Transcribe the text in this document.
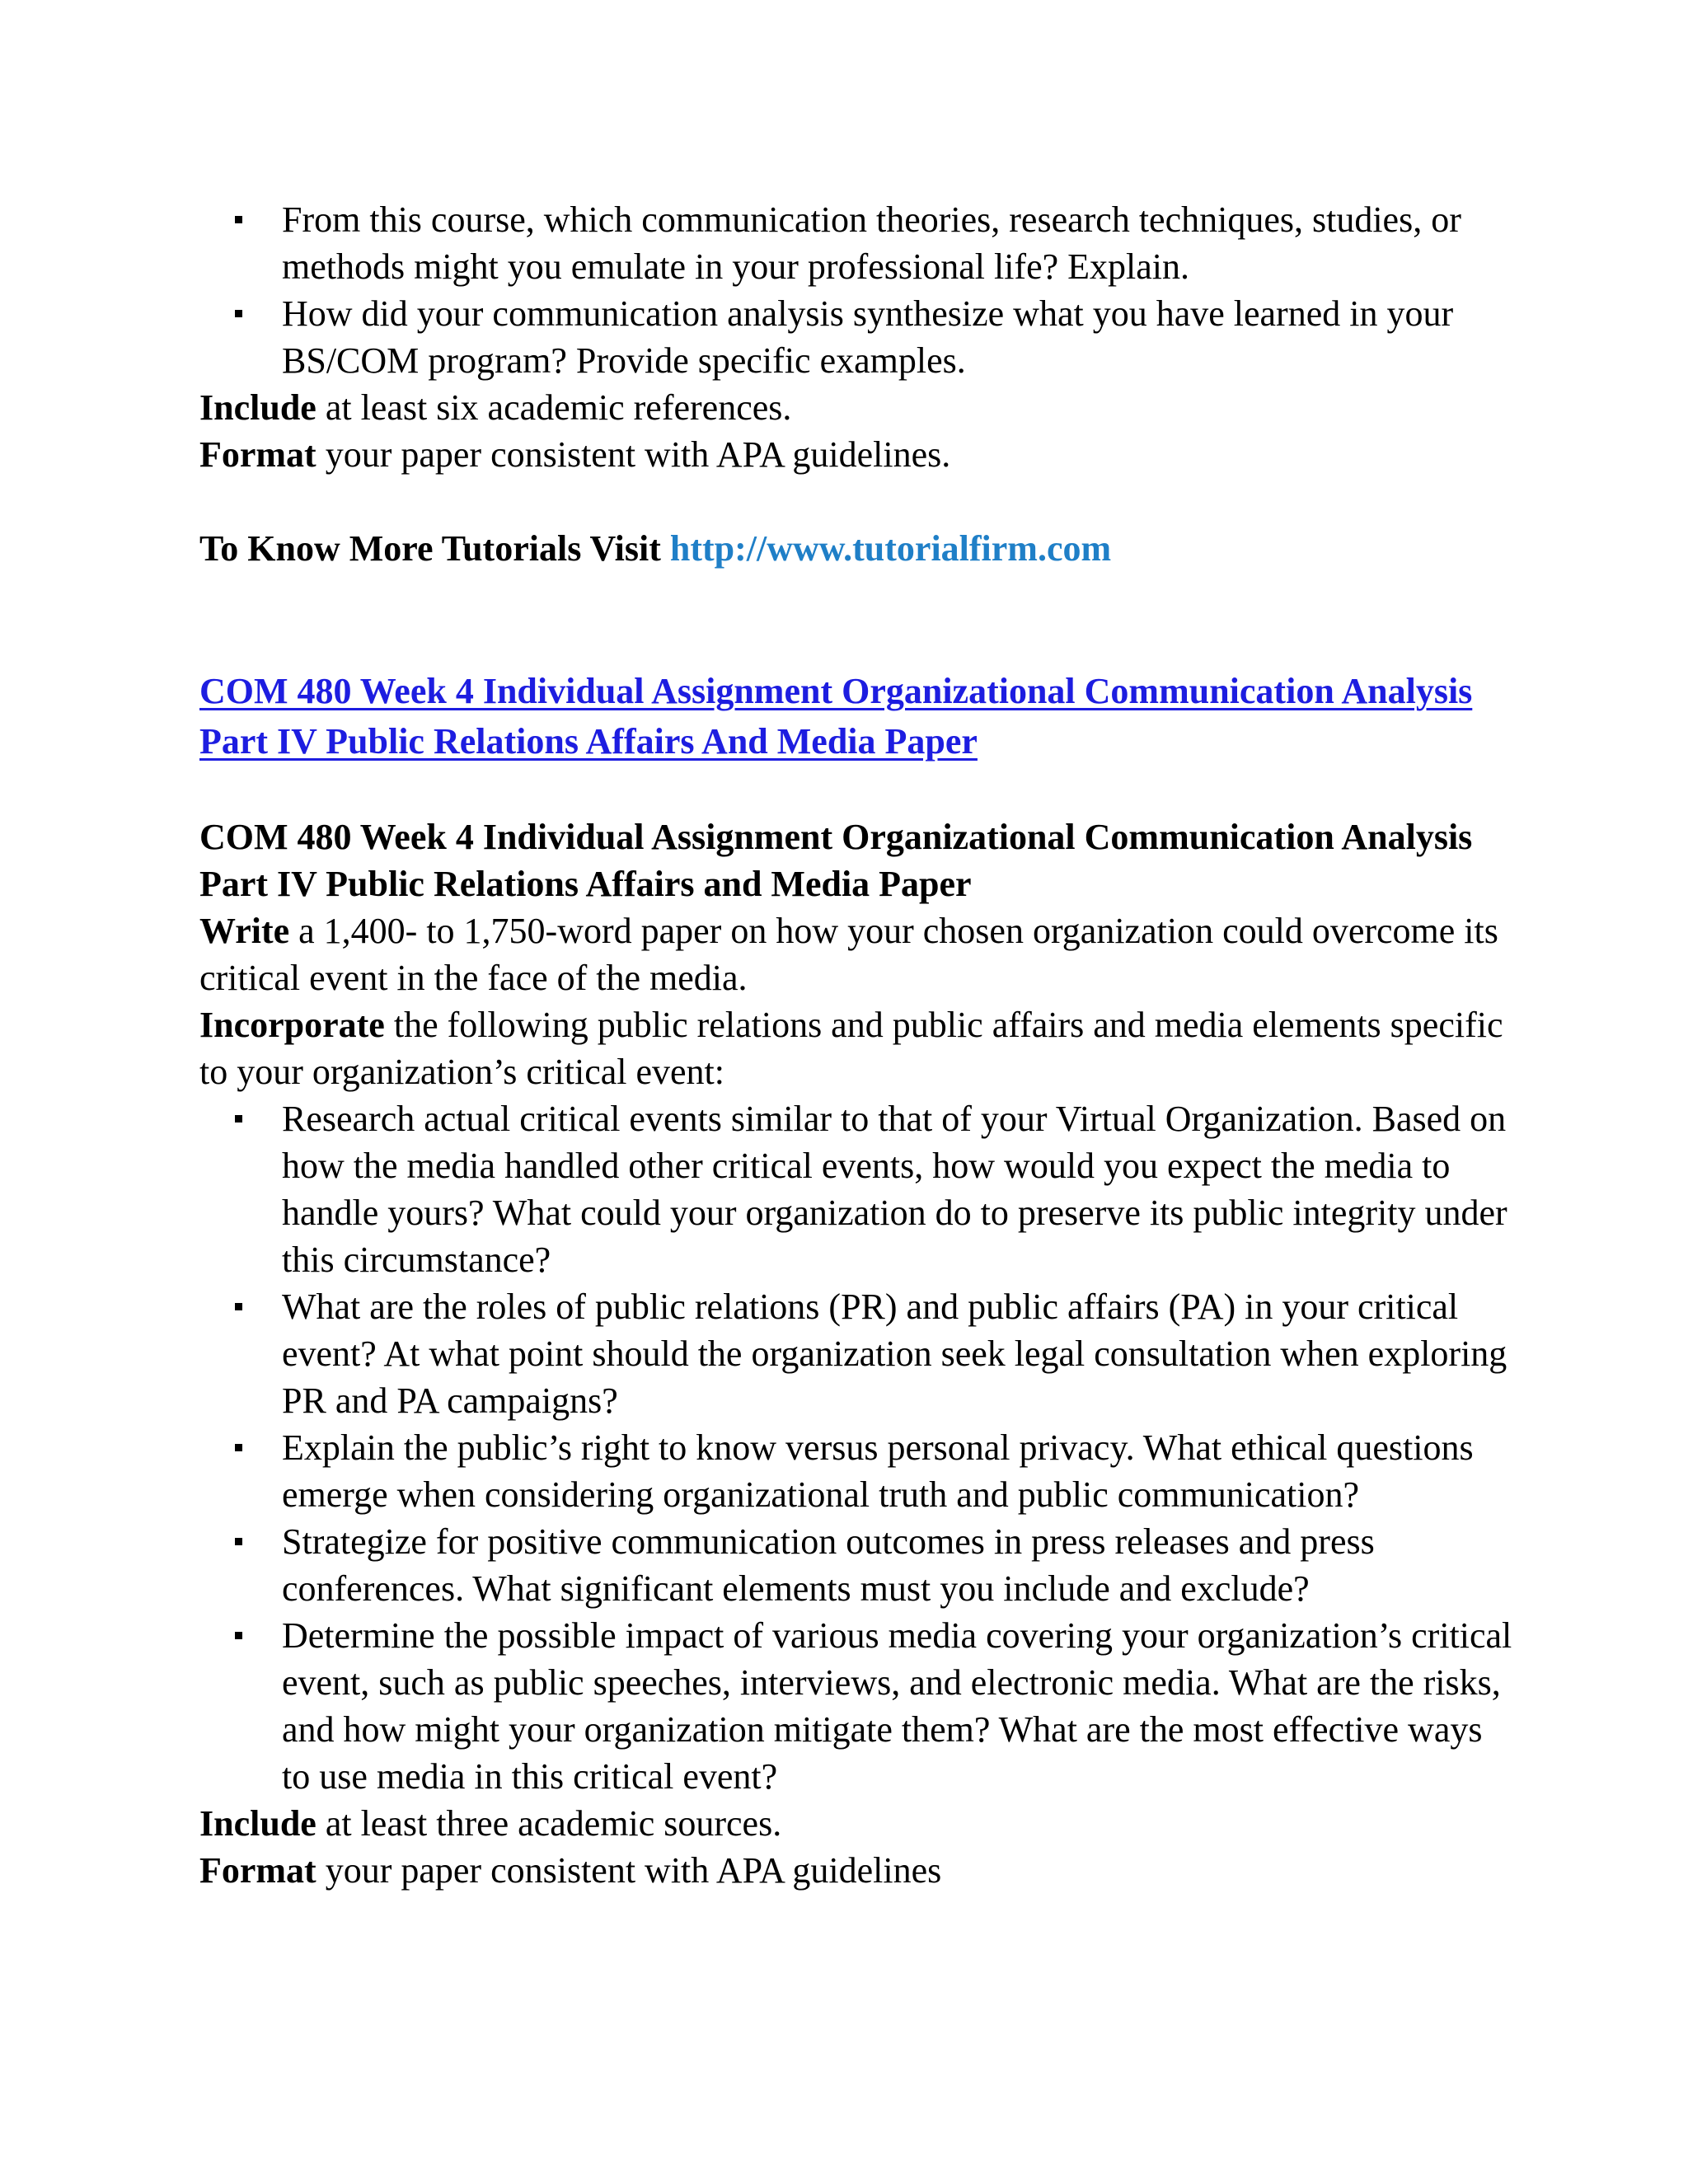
From this course, which communication theories, research techniques, studies, or methods might you emulate in your professional life? Explain.
How did your communication analysis synthesize what you have learned in your BS/COM program? Provide specific examples.

Include at least six academic references.

Format your paper consistent with APA guidelines.

To Know More Tutorials Visit http://www.tutorialfirm.com

COM 480 Week 4 Individual Assignment Organizational Communication Analysis Part IV Public Relations Affairs And Media Paper

COM 480 Week 4 Individual Assignment Organizational Communication Analysis Part IV Public Relations Affairs and Media Paper

Write a 1,400- to 1,750-word paper on how your chosen organization could overcome its critical event in the face of the media.

Incorporate the following public relations and public affairs and media elements specific to your organization’s critical event:

Research actual critical events similar to that of your Virtual Organization. Based on how the media handled other critical events, how would you expect the media to handle yours? What could your organization do to preserve its public integrity under this circumstance?
What are the roles of public relations (PR) and public affairs (PA) in your critical event? At what point should the organization seek legal consultation when exploring PR and PA campaigns?
Explain the public’s right to know versus personal privacy. What ethical questions emerge when considering organizational truth and public communication?
Strategize for positive communication outcomes in press releases and press conferences. What significant elements must you include and exclude?
Determine the possible impact of various media covering your organization’s critical event, such as public speeches, interviews, and electronic media. What are the risks, and how might your organization mitigate them? What are the most effective ways to use media in this critical event?

Include at least three academic sources.

Format your paper consistent with APA guidelines
